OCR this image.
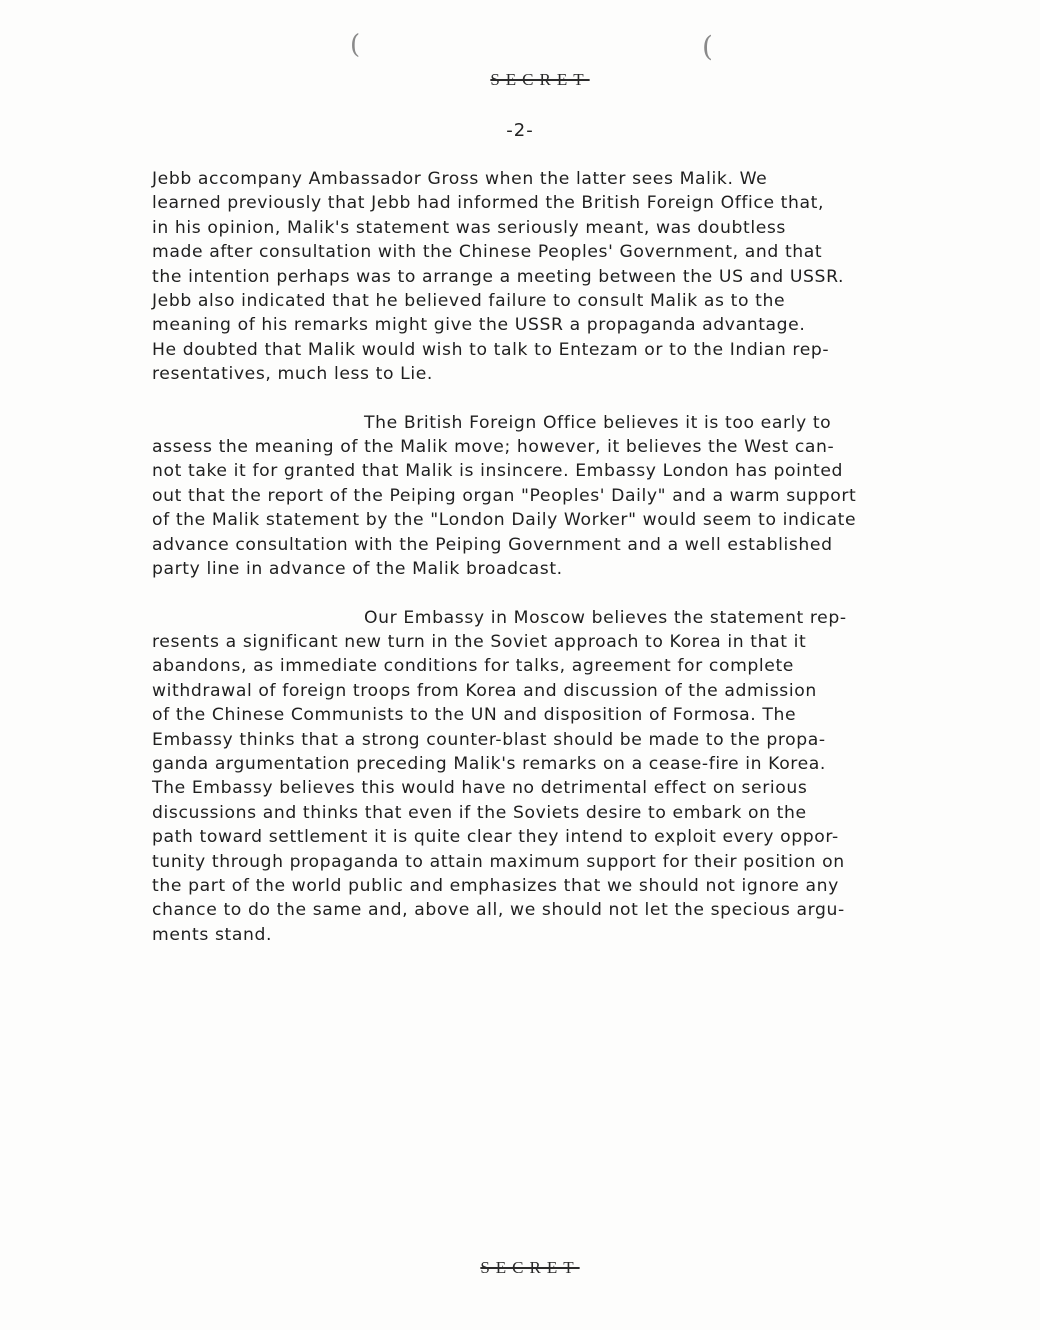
(	(
SECRET
-2-
Jebb accompany Ambassador Gross when the latter sees Malik. We
learned previously that Jebb had informed the British Foreign Office that,
in his opinion, Malik's statement was seriously meant, was doubtless
made after consultation with the Chinese Peoples' Government, and that
the intention perhaps was to arrange a meeting between the US and USSR.
Jebb also indicated that he believed failure to consult Malik as to the
meaning of his remarks might give the USSR a propaganda advantage.
He doubted that Malik would wish to talk to Entezam or to the Indian rep-
resentatives, much less to Lie.
The British Foreign Office believes it is too early to
assess the meaning of the Malik move; however, it believes the West can-
not take it for granted that Malik is insincere. Embassy London has pointed
out that the report of the Peiping organ "Peoples' Daily" and a warm support
of the Malik statement by the "London Daily Worker" would seem to indicate
advance consultation with the Peiping Government and a well established
party line in advance of the Malik broadcast.
Our Embassy in Moscow believes the statement rep-
resents a significant new turn in the Soviet approach to Korea in that it
abandons, as immediate conditions for talks, agreement for complete
withdrawal of foreign troops from Korea and discussion of the admission
of the Chinese Communists to the UN and disposition of Formosa. The
Embassy thinks that a strong counter-blast should be made to the propa-
ganda argumentation preceding Malik's remarks on a cease-fire in Korea.
The Embassy believes this would have no detrimental effect on serious
discussions and thinks that even if the Soviets desire to embark on the
path toward settlement it is quite clear they intend to exploit every oppor-
tunity through propaganda to attain maximum support for their position on
the part of the world public and emphasizes that we should not ignore any
chance to do the same and, above all, we should not let the specious argu-
ments stand.
SECRET
